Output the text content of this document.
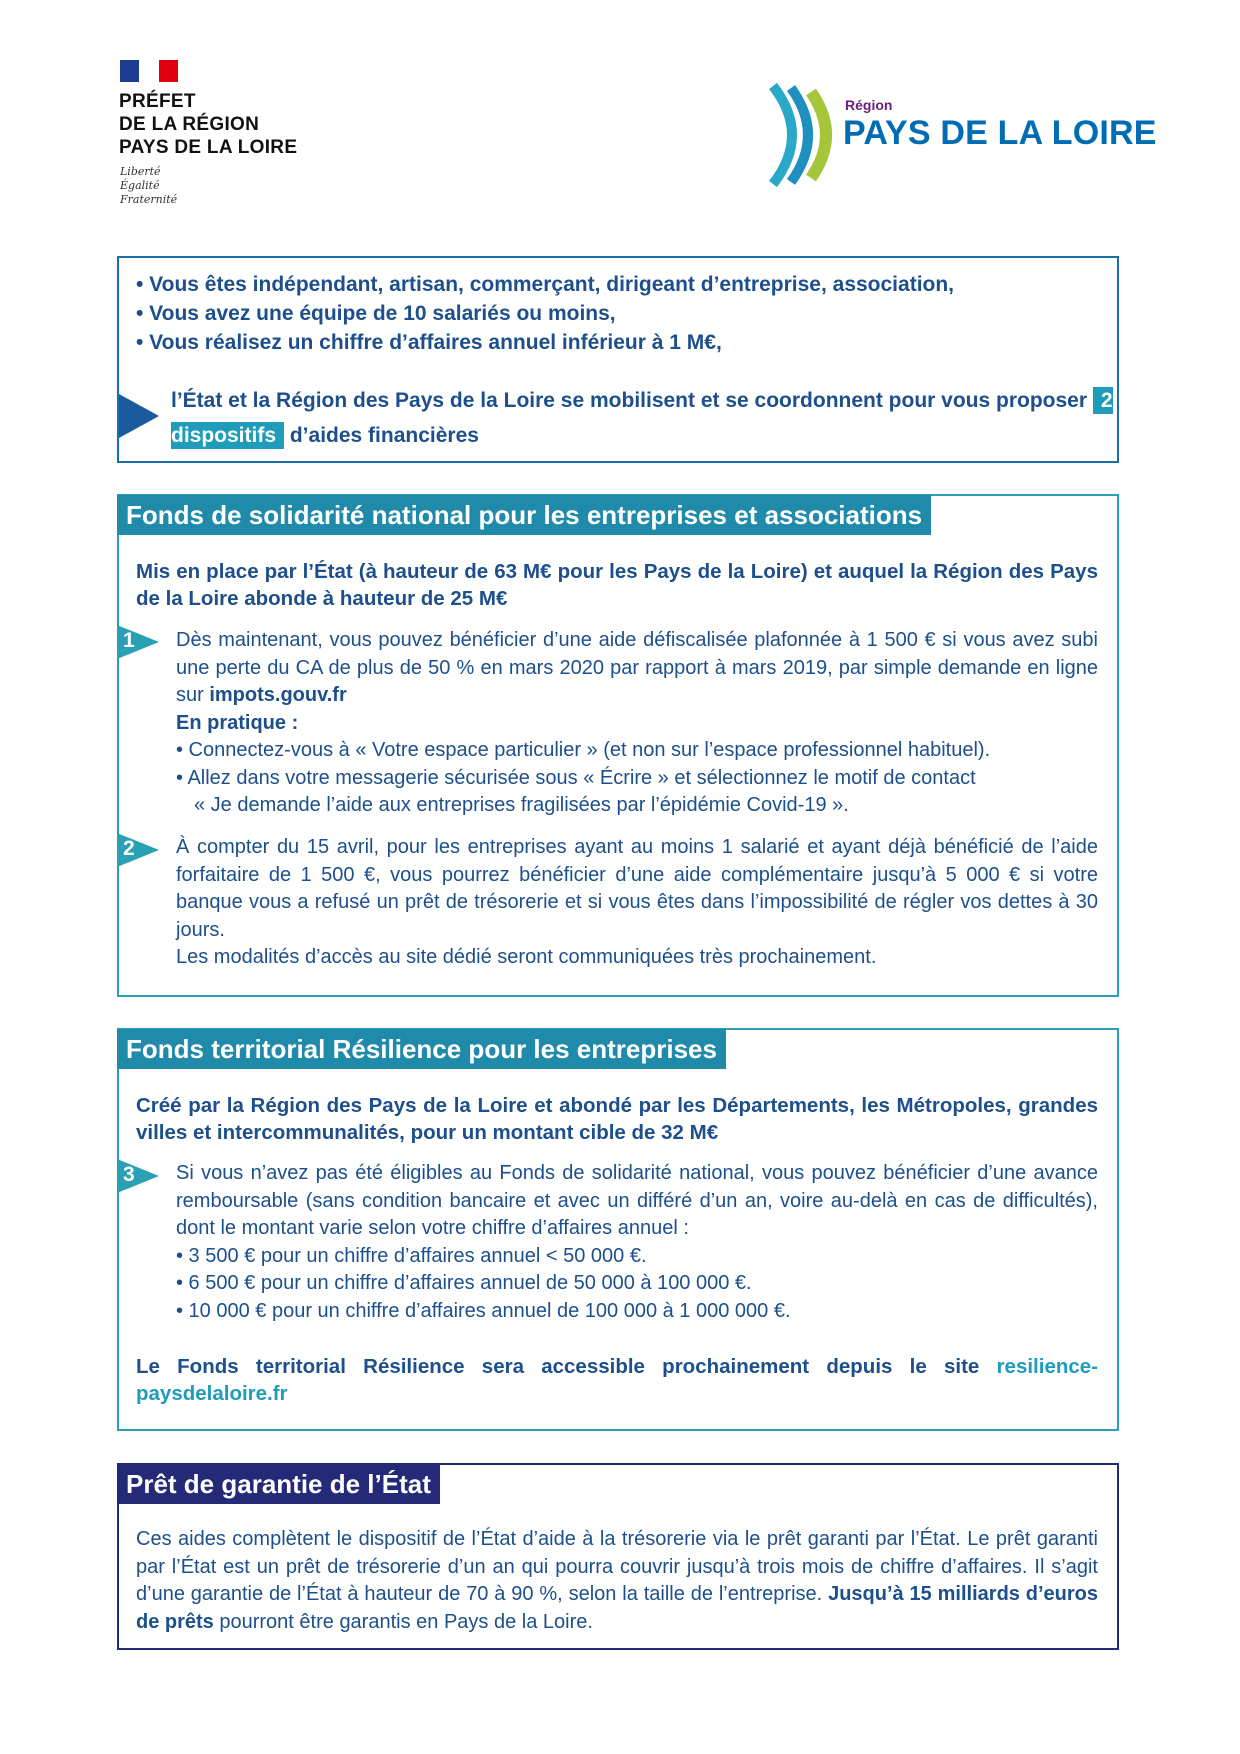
PRÉFET
DE LA RÉGION
PAYS DE LA LOIRE
Liberté
Égalité
Fraternité
Région
PAYS DE LA LOIRE
• Vous êtes indépendant, artisan, commerçant, dirigeant d’entreprise, association,
• Vous avez une équipe de 10 salariés ou moins,
• Vous réalisez un chiffre d’affaires annuel inférieur à 1 M€,
l’État et la Région des Pays de la Loire se mobilisent et se coordonnent pour vous proposer 2 dispositifs d’aides financières
Fonds de solidarité national pour les entreprises et associations
Mis en place par l’État (à hauteur de 63 M€ pour les Pays de la Loire) et auquel la Région des Pays de la Loire abonde à hauteur de 25 M€
1 Dès maintenant, vous pouvez bénéficier d’une aide défiscalisée plafonnée à 1 500 € si vous avez subi une perte du CA de plus de 50 % en mars 2020 par rapport à mars 2019, par simple demande en ligne sur impots.gouv.fr
En pratique :
• Connectez-vous à « Votre espace particulier » (et non sur l’espace professionnel habituel).
• Allez dans votre messagerie sécurisée sous « Écrire » et sélectionnez le motif de contact
« Je demande l’aide aux entreprises fragilisées par l’épidémie Covid-19 ».
2 À compter du 15 avril, pour les entreprises ayant au moins 1 salarié et ayant déjà bénéficié de l’aide forfaitaire de 1 500 €, vous pourrez bénéficier d’une aide complémentaire jusqu’à 5 000 € si votre banque vous a refusé un prêt de trésorerie et si vous êtes dans l’impossibilité de régler vos dettes à 30 jours.
Les modalités d’accès au site dédié seront communiquées très prochainement.
Fonds territorial Résilience pour les entreprises
Créé par la Région des Pays de la Loire et abondé par les Départements, les Métropoles, grandes villes et intercommunalités, pour un montant cible de 32 M€
3 Si vous n’avez pas été éligibles au Fonds de solidarité national, vous pouvez bénéficier d’une avance remboursable (sans condition bancaire et avec un différé d’un an, voire au-delà en cas de difficultés), dont le montant varie selon votre chiffre d’affaires annuel :
• 3 500 € pour un chiffre d’affaires annuel < 50 000 €.
• 6 500 € pour un chiffre d’affaires annuel de 50 000 à 100 000 €.
• 10 000 € pour un chiffre d’affaires annuel de 100 000 à 1 000 000 €.
Le Fonds territorial Résilience sera accessible prochainement depuis le site resilience-paysdelaloire.fr
Prêt de garantie de l’État
Ces aides complètent le dispositif de l’État d’aide à la trésorerie via le prêt garanti par l’État. Le prêt garanti par l’État est un prêt de trésorerie d’un an qui pourra couvrir jusqu’à trois mois de chiffre d’affaires. Il s’agit d’une garantie de l’État à hauteur de 70 à 90 %, selon la taille de l’entreprise. Jusqu’à 15 milliards d’euros de prêts pourront être garantis en Pays de la Loire.
